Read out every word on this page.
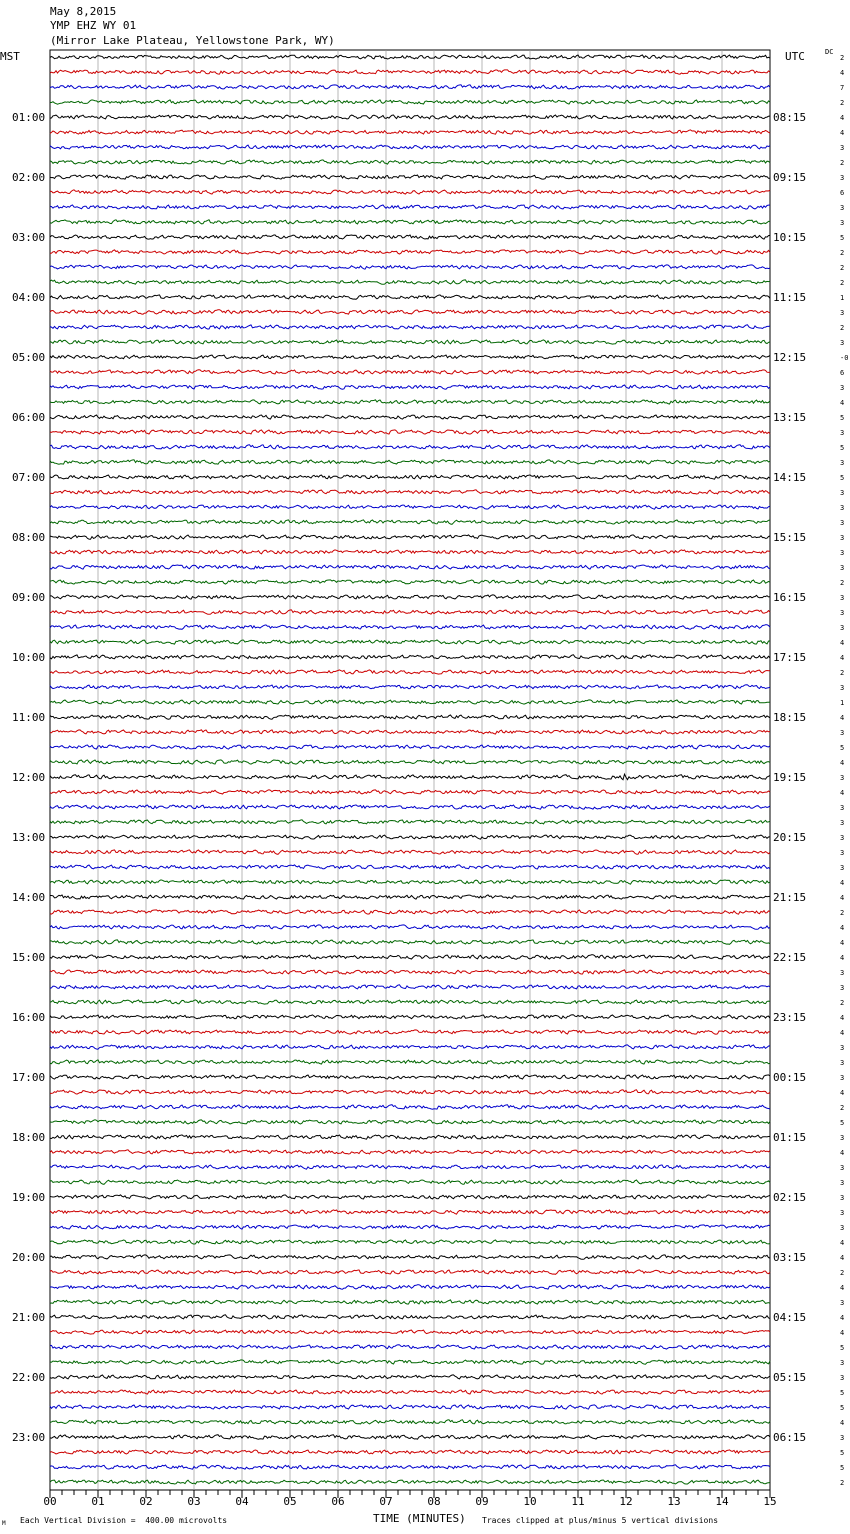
May 8,2015
YMP EHZ WY 01
(Mirror Lake Plateau, Yellowstone Park, WY)
MST	UTC	DC
2
4
7
2
4
4
3
2
3
6
3
3
5
2
2
2
1
3
2
3
-0
6
3
4
5
3
5
3
5
3
3
3
3
3
3
2
3
3
3
4
4
2
3
1
4
3
5
4
3
4
3
3
3
3
3
4
4
2
4
4
4
3
3
2
4
4
3
3
3
4
2
5
3
4
3
3
3
3
3
4
4
2
4
3
4
4
5
3
3
5
5
4
3
5
5
2
01:00
02:00
03:00
04:00
05:00
06:00
07:00
08:00
09:00
10:00
11:00
12:00
13:00
14:00
15:00
16:00
17:00
18:00
19:00
20:00
21:00
22:00
23:00
08:15
09:15
10:15
11:15
12:15
13:15
14:15
15:15
16:15
17:15
18:15
19:15
20:15
21:15
22:15
23:15
00:15
01:15
02:15
03:15
04:15
05:15
06:15
00	01	02	03	04	05	06	07	08	09	10	11	12	13	14	15
Each Vertical Division =  400.00 microvolts	TIME (MINUTES) Traces clipped at plus/minus 5 vertical divisions
M
